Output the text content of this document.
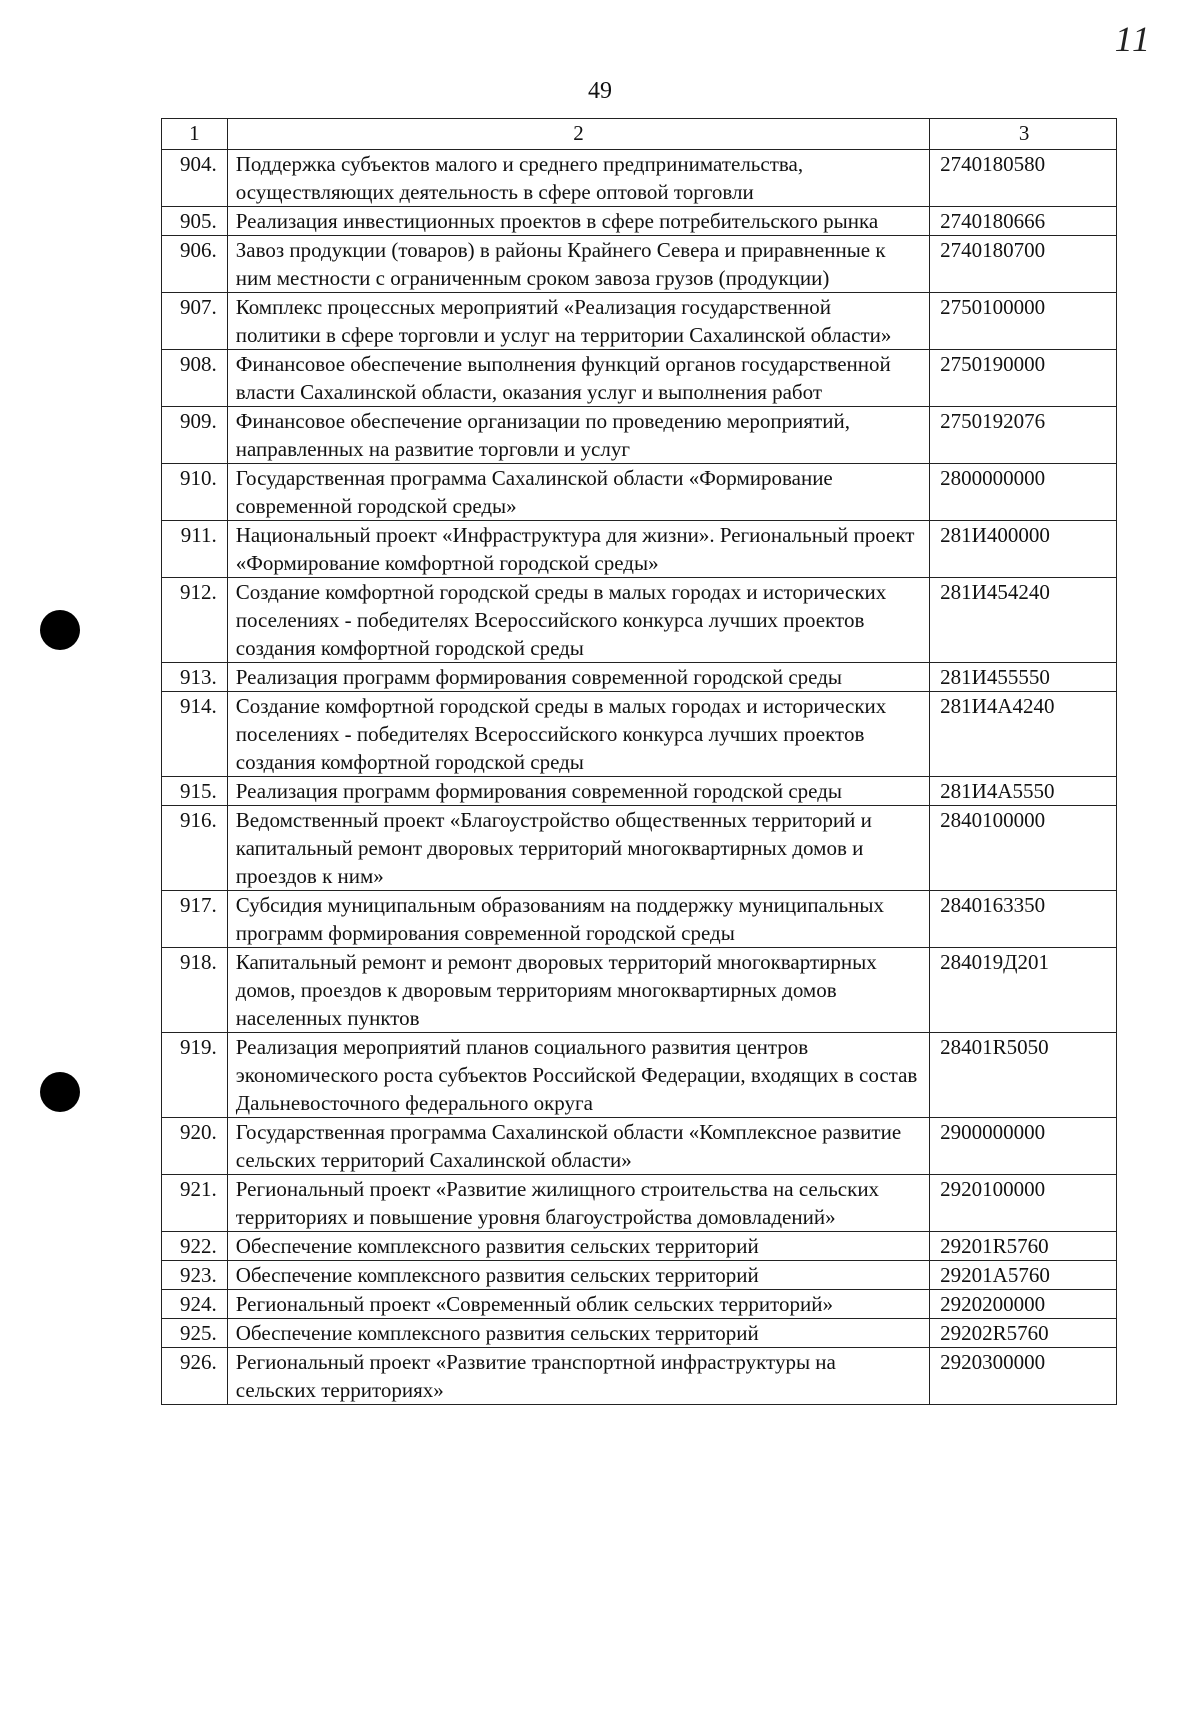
11
49
1	2	3
904.	Поддержка субъектов малого и среднего предпринимательства, осуществляющих деятельность в сфере оптовой торговли	2740180580
905.	Реализация инвестиционных проектов в сфере потребительского рынка	2740180666
906.	Завоз продукции (товаров) в районы Крайнего Севера и приравненные к ним местности с ограниченным сроком завоза грузов (продукции)	2740180700
907.	Комплекс процессных мероприятий «Реализация государственной политики в сфере торговли и услуг на территории Сахалинской области»	2750100000
908.	Финансовое обеспечение выполнения функций органов государственной власти Сахалинской области, оказания услуг и выполнения работ	2750190000
909.	Финансовое обеспечение организации по проведению мероприятий, направленных на развитие торговли и услуг	2750192076
910.	Государственная программа Сахалинской области «Формирование современной городской среды»	2800000000
911.	Национальный проект «Инфраструктура для жизни». Региональный проект «Формирование комфортной городской среды»	281И400000
912.	Создание комфортной городской среды в малых городах и исторических поселениях - победителях Всероссийского конкурса лучших проектов создания комфортной городской среды	281И454240
913.	Реализация программ формирования современной городской среды	281И455550
914.	Создание комфортной городской среды в малых городах и исторических поселениях - победителях Всероссийского конкурса лучших проектов создания комфортной городской среды	281И4А4240
915.	Реализация программ формирования современной городской среды	281И4А5550
916.	Ведомственный проект «Благоустройство общественных территорий и капитальный ремонт дворовых территорий многоквартирных домов и проездов к ним»	2840100000
917.	Субсидия муниципальным образованиям на поддержку муниципальных программ формирования современной городской среды	2840163350
918.	Капитальный ремонт и ремонт дворовых территорий многоквартирных домов, проездов к дворовым территориям многоквартирных домов населенных пунктов	284019Д201
919.	Реализация мероприятий планов социального развития центров экономического роста субъектов Российской Федерации, входящих в состав Дальневосточного федерального округа	28401R5050
920.	Государственная программа Сахалинской области «Комплексное развитие сельских территорий Сахалинской области»	2900000000
921.	Региональный проект «Развитие жилищного строительства на сельских территориях и повышение уровня благоустройства домовладений»	2920100000
922.	Обеспечение комплексного развития сельских территорий	29201R5760
923.	Обеспечение комплексного развития сельских территорий	29201А5760
924.	Региональный проект «Современный облик сельских территорий»	2920200000
925.	Обеспечение комплексного развития сельских территорий	29202R5760
926.	Региональный проект «Развитие транспортной инфраструктуры на сельских территориях»	2920300000
